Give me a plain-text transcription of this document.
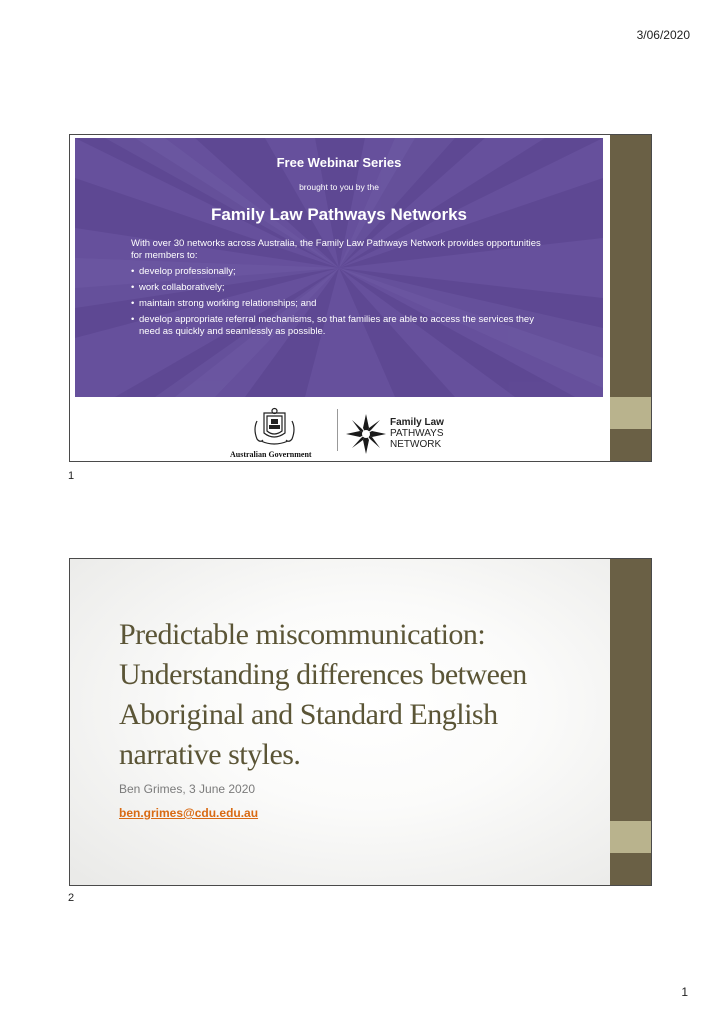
3/06/2020
Free Webinar Series
brought to you by the
Family Law Pathways Networks
With over 30 networks across Australia, the Family Law Pathways Network provides opportunities for members to:
• develop professionally;
• work collaboratively;
• maintain strong working relationships; and
• develop appropriate referral mechanisms, so that families are able to access the services they need as quickly and seamlessly as possible.
Australian Government
Family Law
PATHWAYS
NETWORK
1
Predictable miscommunication:
Understanding differences between
Aboriginal and Standard English
narrative styles.
Ben Grimes, 3 June 2020
ben.grimes@cdu.edu.au
2
1
